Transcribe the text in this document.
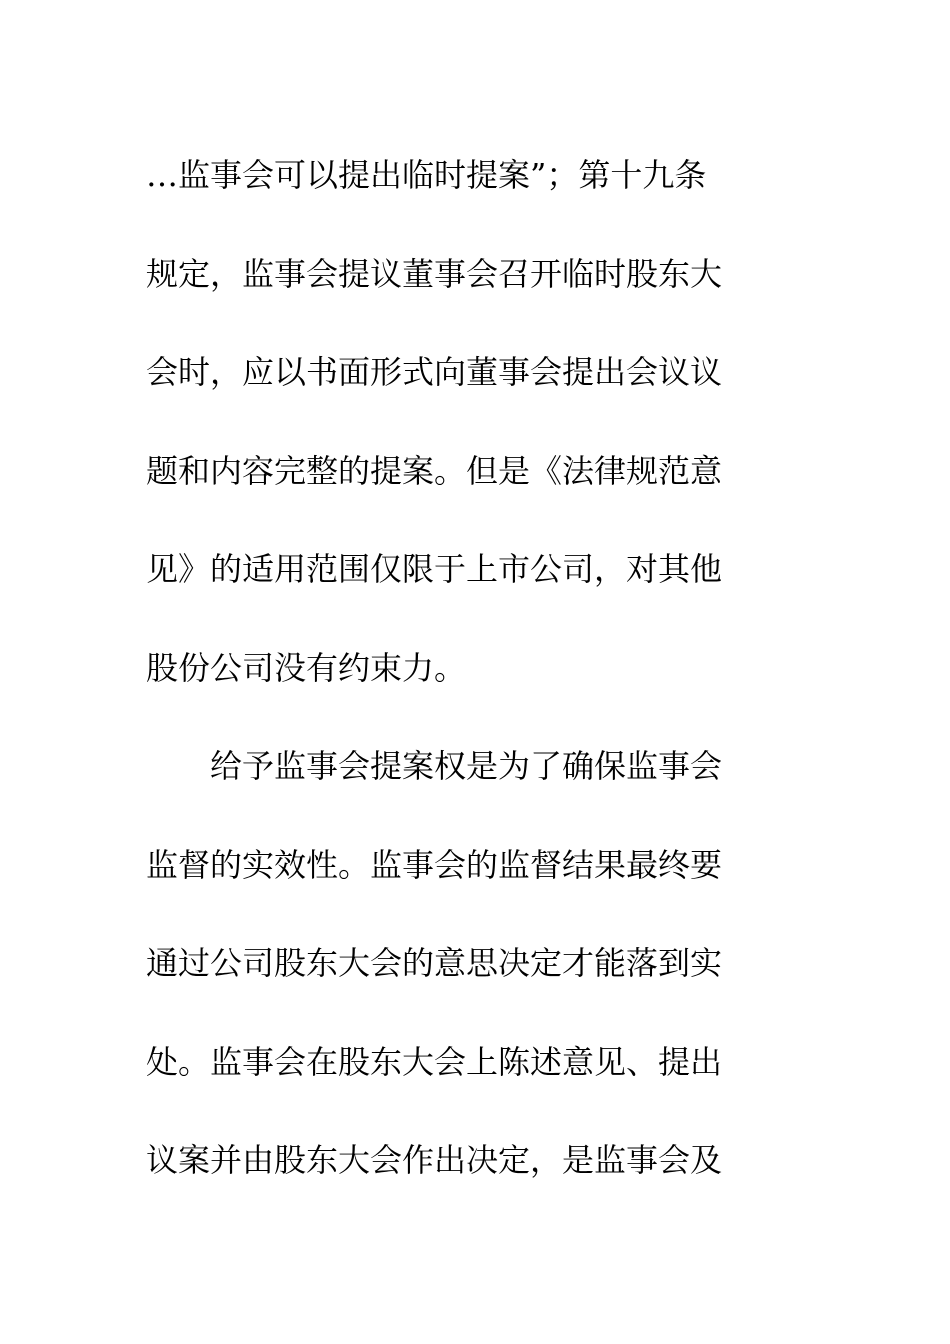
…监事会可以提出临时提案”；第十九条
规定，监事会提议董事会召开临时股东大
会时，应以书面形式向董事会提出会议议
题和内容完整的提案。但是《法律规范意
见》的适用范围仅限于上市公司，对其他
股份公司没有约束力。
　　给予监事会提案权是为了确保监事会
监督的实效性。监事会的监督结果最终要
通过公司股东大会的意思决定才能落到实
处。监事会在股东大会上陈述意见、提出
议案并由股东大会作出决定，是监事会及
